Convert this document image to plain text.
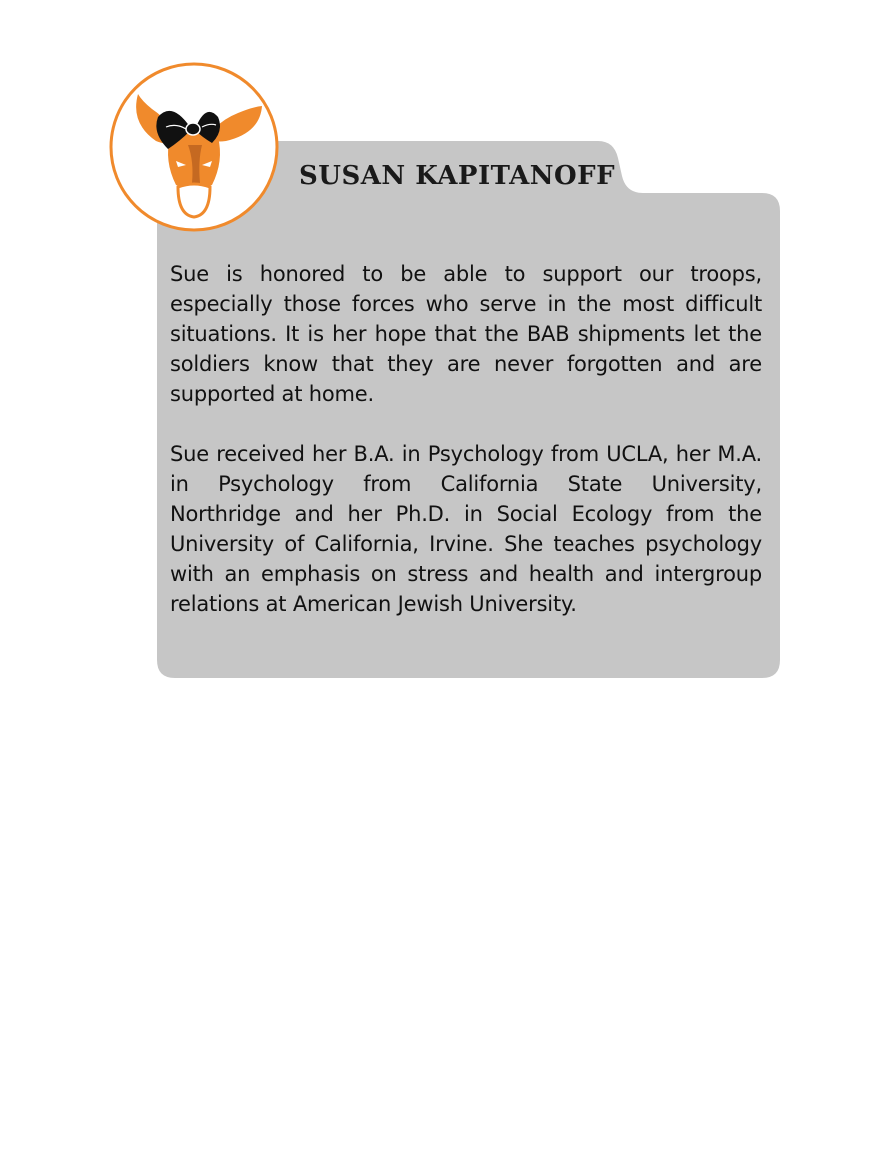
SUSAN KAPITANOFF

Sue is honored to be able to support our troops, especially those forces who serve in the most difficult situations. It is her hope that the BAB shipments let the soldiers know that they are never forgotten and are supported at home.

Sue received her B.A. in Psychology from UCLA, her M.A. in Psychology from California State University, Northridge and her Ph.D. in Social Ecology from the University of California, Irvine. She teaches psychology with an emphasis on stress and health and intergroup relations at American Jewish University.
